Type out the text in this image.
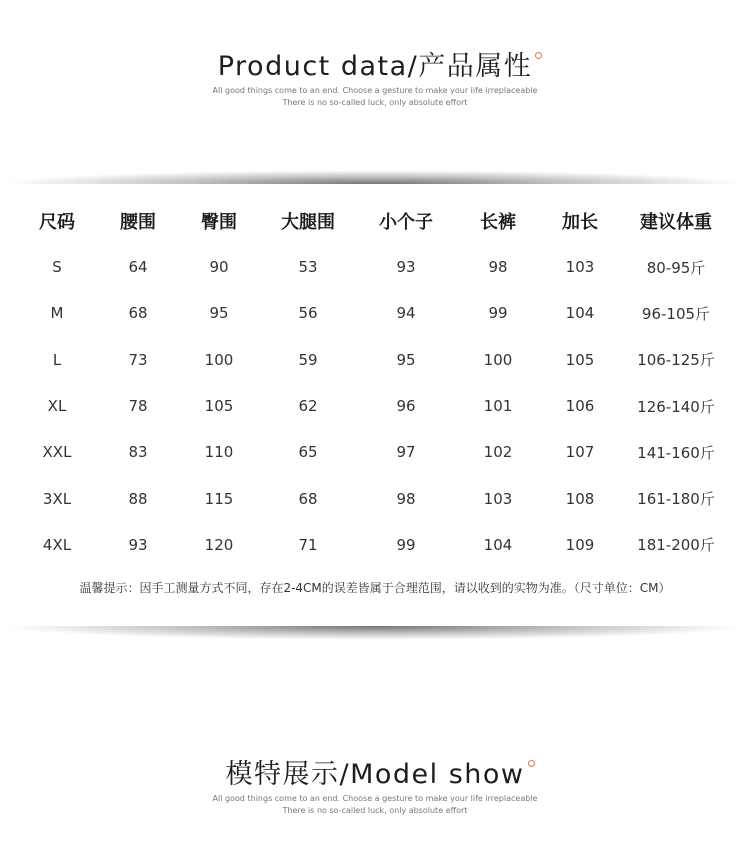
Product data/产品属性
All good things come to an end. Choose a gesture to make your life irreplaceable
There is no so-called luck, only absolute effort
尺码	腰围	臀围	大腿围	小个子	长裤	加长	建议体重
S	64	90	53	93	98	103	80-95斤
M	68	95	56	94	99	104	96-105斤
L	73	100	59	95	100	105	106-125斤
XL	78	105	62	96	101	106	126-140斤
XXL	83	110	65	97	102	107	141-160斤
3XL	88	115	68	98	103	108	161-180斤
4XL	93	120	71	99	104	109	181-200斤
温馨提示：因手工测量方式不同，存在2-4CM的误差皆属于合理范围，请以收到的实物为准。（尺寸单位：CM）
模特展示/Model show
All good things come to an end. Choose a gesture to make your life irreplaceable
There is no so-called luck, only absolute effort
